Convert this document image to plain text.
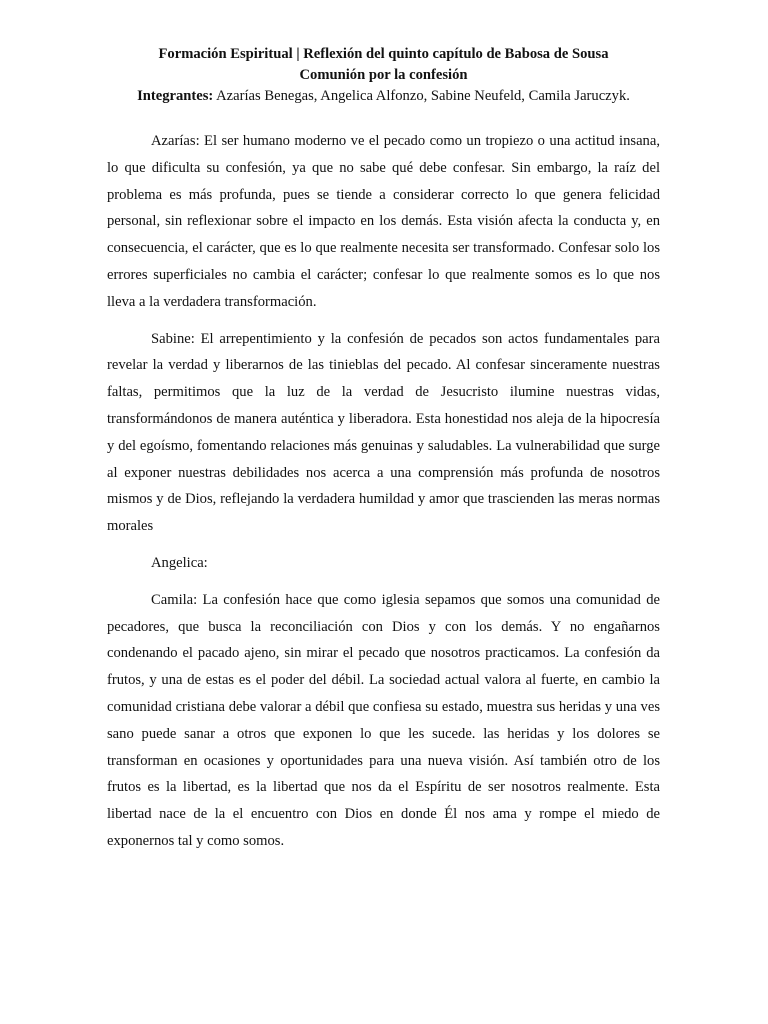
Formación Espiritual | Reflexión del quinto capítulo de Babosa de Sousa
Comunión por la confesión
Integrantes: Azarías Benegas, Angelica Alfonzo, Sabine Neufeld, Camila Jaruczyk.

Azarías: El ser humano moderno ve el pecado como un tropiezo o una actitud insana, lo que dificulta su confesión, ya que no sabe qué debe confesar. Sin embargo, la raíz del problema es más profunda, pues se tiende a considerar correcto lo que genera felicidad personal, sin reflexionar sobre el impacto en los demás. Esta visión afecta la conducta y, en consecuencia, el carácter, que es lo que realmente necesita ser transformado. Confesar solo los errores superficiales no cambia el carácter; confesar lo que realmente somos es lo que nos lleva a la verdadera transformación.

Sabine: El arrepentimiento y la confesión de pecados son actos fundamentales para revelar la verdad y liberarnos de las tinieblas del pecado. Al confesar sinceramente nuestras faltas, permitimos que la luz de la verdad de Jesucristo ilumine nuestras vidas, transformándonos de manera auténtica y liberadora. Esta honestidad nos aleja de la hipocresía y del egoísmo, fomentando relaciones más genuinas y saludables. La vulnerabilidad que surge al exponer nuestras debilidades nos acerca a una comprensión más profunda de nosotros mismos y de Dios, reflejando la verdadera humildad y amor que trascienden las meras normas morales

Angelica:

Camila: La confesión hace que como iglesia sepamos que somos una comunidad de pecadores, que busca la reconciliación con Dios y con los demás. Y no engañarnos condenando el pacado ajeno, sin mirar el pecado que nosotros practicamos. La confesión da frutos, y una de estas es el poder del débil. La sociedad actual valora al fuerte, en cambio la comunidad cristiana debe valorar a débil que confiesa su estado, muestra sus heridas y una ves sano puede sanar a otros que exponen lo que les sucede. las heridas y los dolores se transforman en ocasiones y oportunidades para una nueva visión. Así también otro de los frutos es la libertad, es la libertad que nos da el Espíritu de ser nosotros realmente. Esta libertad nace de la el encuentro con Dios en donde Él nos ama y rompe el miedo de exponernos tal y como somos.
